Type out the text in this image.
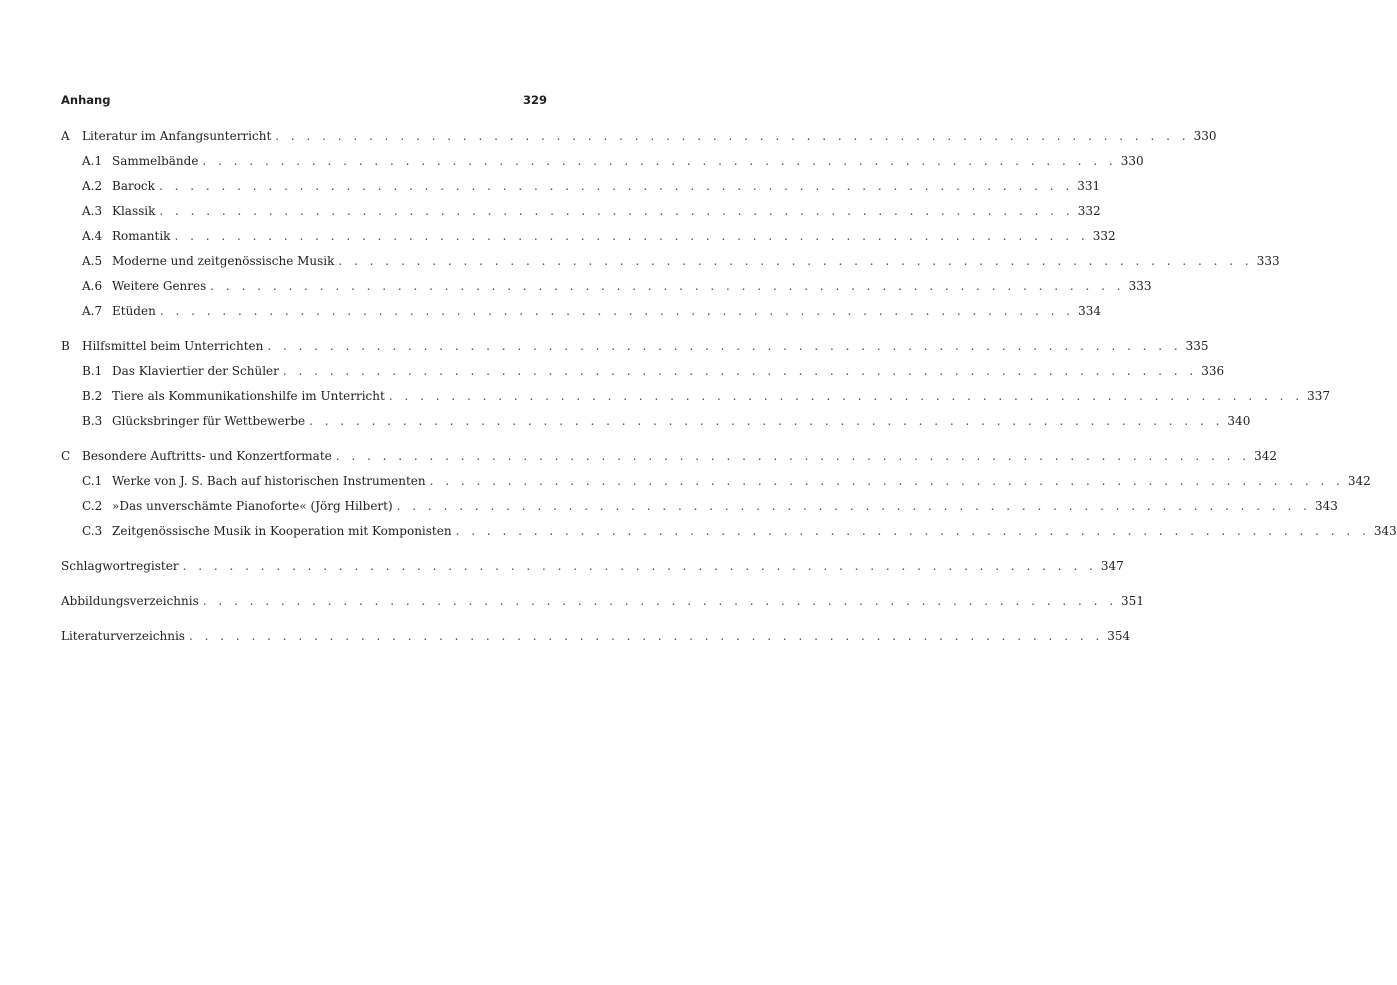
Anhang	329
A	Literatur im Anfangsunterricht . . . . . . . . . . . . . . . . . . . . . . . . . . . . . . . . . . . . . . . . . . . . . . . . . . . . . . . . . . . 330
A.1 Sammelbände . . . . . . . . . . . . . . . . . . . . . . . . . . . . . . . . . . . . . . . . . . . . . . . . . . . . . . . . . . . 330
A.2 Barock . . . . . . . . . . . . . . . . . . . . . . . . . . . . . . . . . . . . . . . . . . . . . . . . . . . . . . . . . . . 331
A.3 Klassik . . . . . . . . . . . . . . . . . . . . . . . . . . . . . . . . . . . . . . . . . . . . . . . . . . . . . . . . . . . 332
A.4 Romantik . . . . . . . . . . . . . . . . . . . . . . . . . . . . . . . . . . . . . . . . . . . . . . . . . . . . . . . . . . . 332
A.5 Moderne und zeitgenössische Musik . . . . . . . . . . . . . . . . . . . . . . . . . . . . . . . . . . . . . . . . . . . . . . . . . . . . . . . . . . . 333
A.6 Weitere Genres . . . . . . . . . . . . . . . . . . . . . . . . . . . . . . . . . . . . . . . . . . . . . . . . . . . . . . . . . . . 333
A.7 Etüden . . . . . . . . . . . . . . . . . . . . . . . . . . . . . . . . . . . . . . . . . . . . . . . . . . . . . . . . . . . 334
B	Hilfsmittel beim Unterrichten . . . . . . . . . . . . . . . . . . . . . . . . . . . . . . . . . . . . . . . . . . . . . . . . . . . . . . . . . . . 335
B.1 Das Klaviertier der Schüler . . . . . . . . . . . . . . . . . . . . . . . . . . . . . . . . . . . . . . . . . . . . . . . . . . . . . . . . . . . 336
B.2 Tiere als Kommunikationshilfe im Unterricht . . . . . . . . . . . . . . . . . . . . . . . . . . . . . . . . . . . . . . . . . . . . . . . . . . . . . . . . . . . 337
B.3 Glücksbringer für Wettbewerbe . . . . . . . . . . . . . . . . . . . . . . . . . . . . . . . . . . . . . . . . . . . . . . . . . . . . . . . . . . . 340
C Besondere Auftritts- und Konzertformate . . . . . . . . . . . . . . . . . . . . . . . . . . . . . . . . . . . . . . . . . . . . . . . . . . . . . . . . . . . 342
C.1 Werke von J. S. Bach auf historischen Instrumenten . . . . . . . . . . . . . . . . . . . . . . . . . . . . . . . . . . . . . . . . . . . . . . . . . . . . . . . . . . . 342
C.2 »Das unverschämte Pianoforte« (Jörg Hilbert) . . . . . . . . . . . . . . . . . . . . . . . . . . . . . . . . . . . . . . . . . . . . . . . . . . . . . . . . . . . 343
C.3 Zeitgenössische Musik in Kooperation mit Komponisten . . . . . . . . . . . . . . . . . . . . . . . . . . . . . . . . . . . . . . . . . . . . . . . . . . . . . . . . . . . 343
Schlagwortregister . . . . . . . . . . . . . . . . . . . . . . . . . . . . . . . . . . . . . . . . . . . . . . . . . . . . . . . . . . . 347
Abbildungsverzeichnis . . . . . . . . . . . . . . . . . . . . . . . . . . . . . . . . . . . . . . . . . . . . . . . . . . . . . . . . . . . 351
Literaturverzeichnis . . . . . . . . . . . . . . . . . . . . . . . . . . . . . . . . . . . . . . . . . . . . . . . . . . . . . . . . . . . 354
